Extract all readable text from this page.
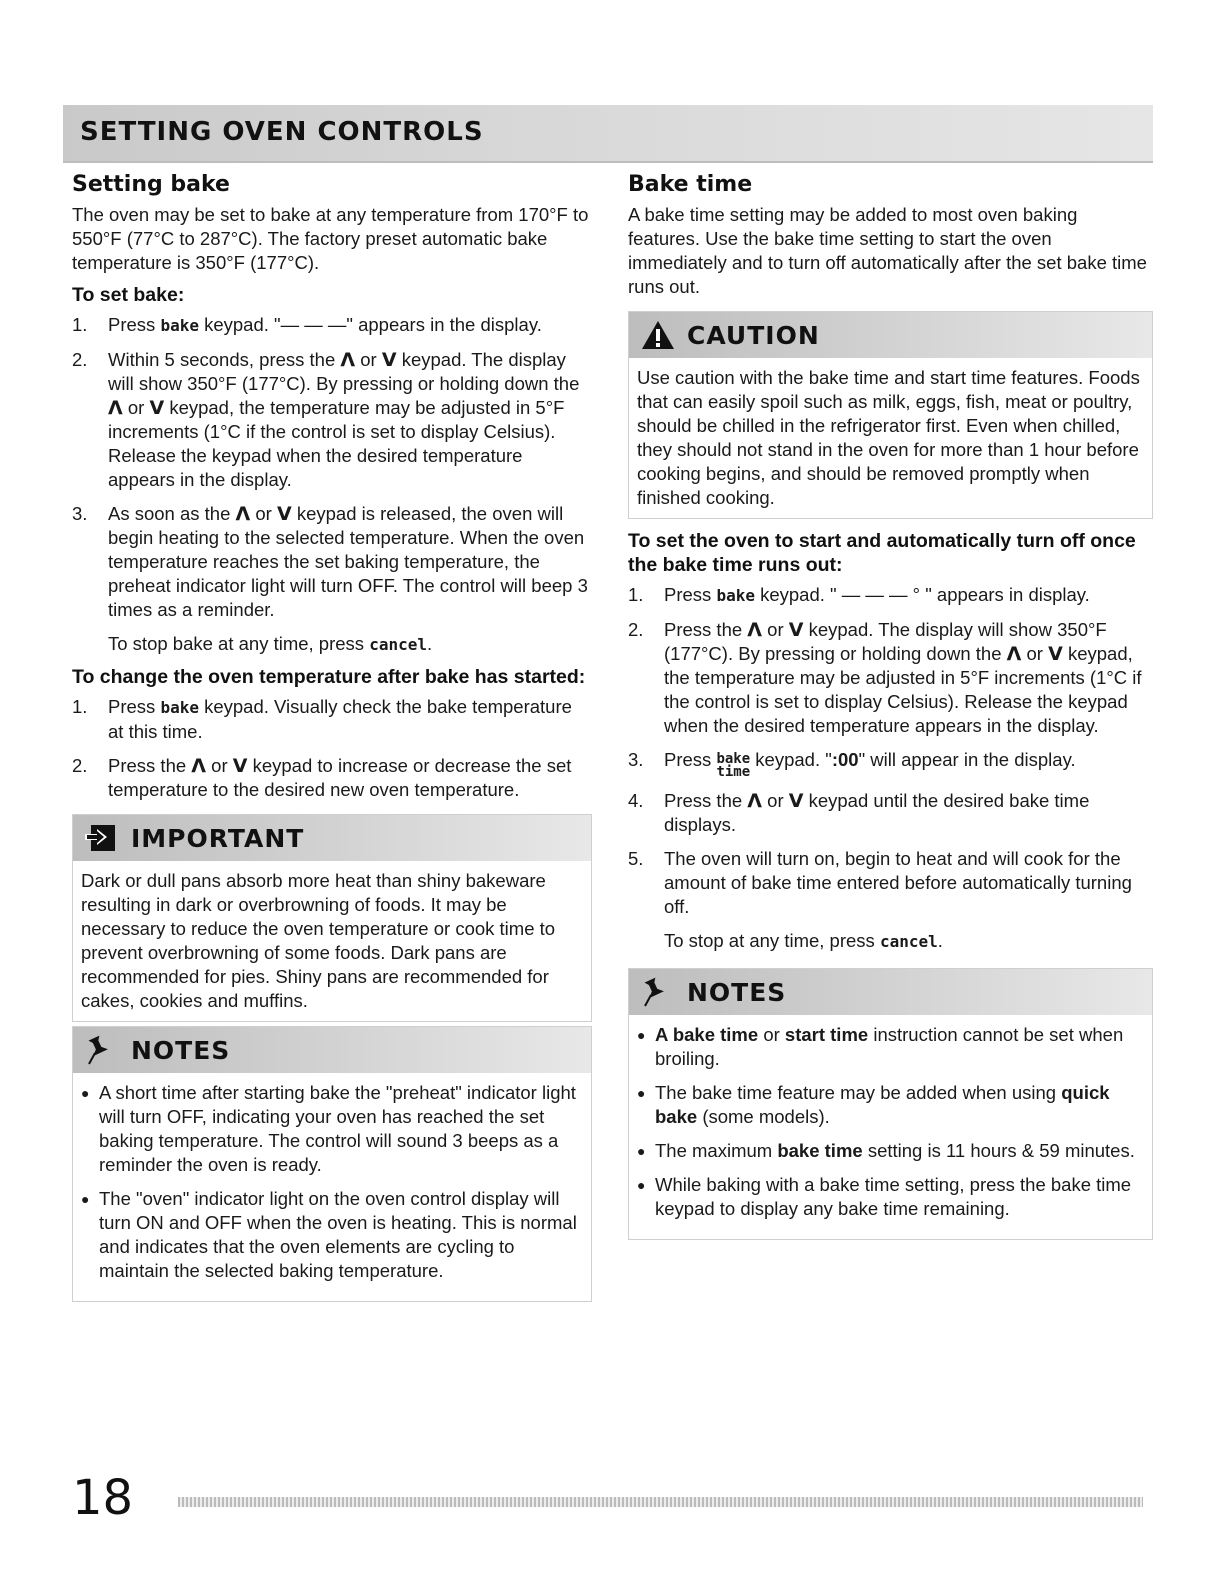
SETTING OVEN CONTROLS
Setting bake

The oven may be set to bake at any temperature from 170°F to 550°F (77°C to 287°C). The factory preset automatic bake temperature is 350°F (177°C).

To set bake:
1. Press bake keypad. "— — —" appears in the display.
2. Within 5 seconds, press the Λ or V keypad. The display will show 350°F (177°C). By pressing or holding down the Λ or V keypad, the temperature may be adjusted in 5°F increments (1°C if the control is set to display Celsius). Release the keypad when the desired temperature appears in the display.
3. As soon as the Λ or V keypad is released, the oven will begin heating to the selected temperature. When the oven temperature reaches the set baking temperature, the preheat indicator light will turn OFF. The control will beep 3 times as a reminder.

To stop bake at any time, press cancel.

To change the oven temperature after bake has started:
1. Press bake keypad. Visually check the bake temperature at this time.
2. Press the Λ or V keypad to increase or decrease the set temperature to the desired new oven temperature.
IMPORTANT

Dark or dull pans absorb more heat than shiny bakeware resulting in dark or overbrowning of foods. It may be necessary to reduce the oven temperature or cook time to prevent overbrowning of some foods. Dark pans are recommended for pies. Shiny pans are recommended for cakes, cookies and muffins.

NOTES
● A short time after starting bake the "preheat" indicator light will turn OFF, indicating your oven has reached the set baking temperature. The control will sound 3 beeps as a reminder the oven is ready.
● The "oven" indicator light on the oven control display will turn ON and OFF when the oven is heating. This is normal and indicates that the oven elements are cycling to maintain the selected baking temperature.
Bake time

A bake time setting may be added to most oven baking features. Use the bake time setting to start the oven immediately and to turn off automatically after the set bake time runs out.

CAUTION

Use caution with the bake time and start time features. Foods that can easily spoil such as milk, eggs, fish, meat or poultry, should be chilled in the refrigerator first. Even when chilled, they should not stand in the oven for more than 1 hour before cooking begins, and should be removed promptly when finished cooking.

To set the oven to start and automatically turn off once the bake time runs out:
1. Press bake keypad. " — — — ° " appears in display.
2. Press the Λ or V keypad. The display will show 350°F (177°C). By pressing or holding down the Λ or V keypad, the temperature may be adjusted in 5°F increments (1°C if the control is set to display Celsius). Release the keypad when the desired temperature appears in the display.
3. Press bake
time keypad. ":00" will appear in the display.
4. Press the Λ or V keypad until the desired bake time displays.
5. The oven will turn on, begin to heat and will cook for the amount of bake time entered before automatically turning off.

To stop at any time, press cancel.

NOTES
● A bake time or start time instruction cannot be set when broiling.
● The bake time feature may be added when using quick bake (some models).
● The maximum bake time setting is 11 hours & 59 minutes.
● While baking with a bake time setting, press the bake time keypad to display any bake time remaining.
18
